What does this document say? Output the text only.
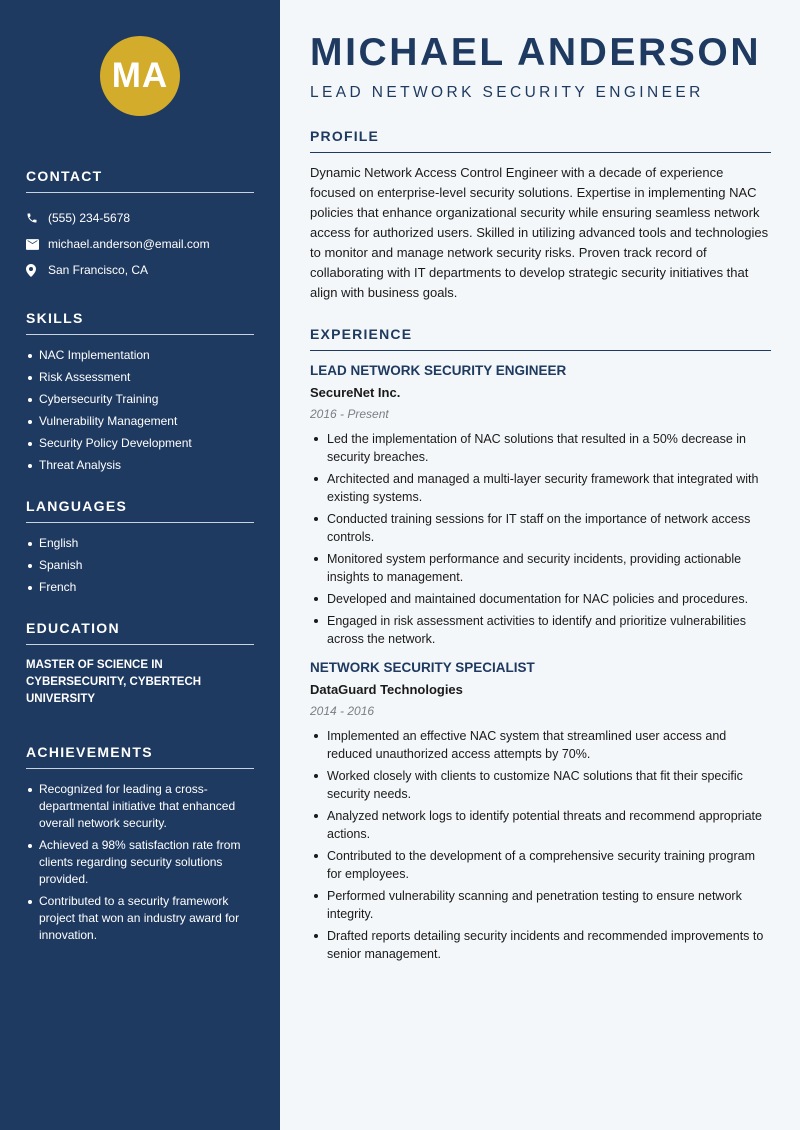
MA
CONTACT
(555) 234-5678
michael.anderson@email.com
San Francisco, CA
SKILLS
NAC Implementation
Risk Assessment
Cybersecurity Training
Vulnerability Management
Security Policy Development
Threat Analysis
LANGUAGES
English
Spanish
French
EDUCATION
MASTER OF SCIENCE IN CYBERSECURITY, CYBERTECH UNIVERSITY
ACHIEVEMENTS
Recognized for leading a cross-departmental initiative that enhanced overall network security.
Achieved a 98% satisfaction rate from clients regarding security solutions provided.
Contributed to a security framework project that won an industry award for innovation.
MICHAEL ANDERSON
LEAD NETWORK SECURITY ENGINEER
PROFILE

Dynamic Network Access Control Engineer with a decade of experience focused on enterprise-level security solutions. Expertise in implementing NAC policies that enhance organizational security while ensuring seamless network access for authorized users. Skilled in utilizing advanced tools and technologies to monitor and manage network security risks. Proven track record of collaborating with IT departments to develop strategic security initiatives that align with business goals.

EXPERIENCE
LEAD NETWORK SECURITY ENGINEER
SecureNet Inc.
2016 - Present
Led the implementation of NAC solutions that resulted in a 50% decrease in security breaches.
Architected and managed a multi-layer security framework that integrated with existing systems.
Conducted training sessions for IT staff on the importance of network access controls.
Monitored system performance and security incidents, providing actionable insights to management.
Developed and maintained documentation for NAC policies and procedures.
Engaged in risk assessment activities to identify and prioritize vulnerabilities across the network.
NETWORK SECURITY SPECIALIST
DataGuard Technologies
2014 - 2016
Implemented an effective NAC system that streamlined user access and reduced unauthorized access attempts by 70%.
Worked closely with clients to customize NAC solutions that fit their specific security needs.
Analyzed network logs to identify potential threats and recommend appropriate actions.
Contributed to the development of a comprehensive security training program for employees.
Performed vulnerability scanning and penetration testing to ensure network integrity.
Drafted reports detailing security incidents and recommended improvements to senior management.
